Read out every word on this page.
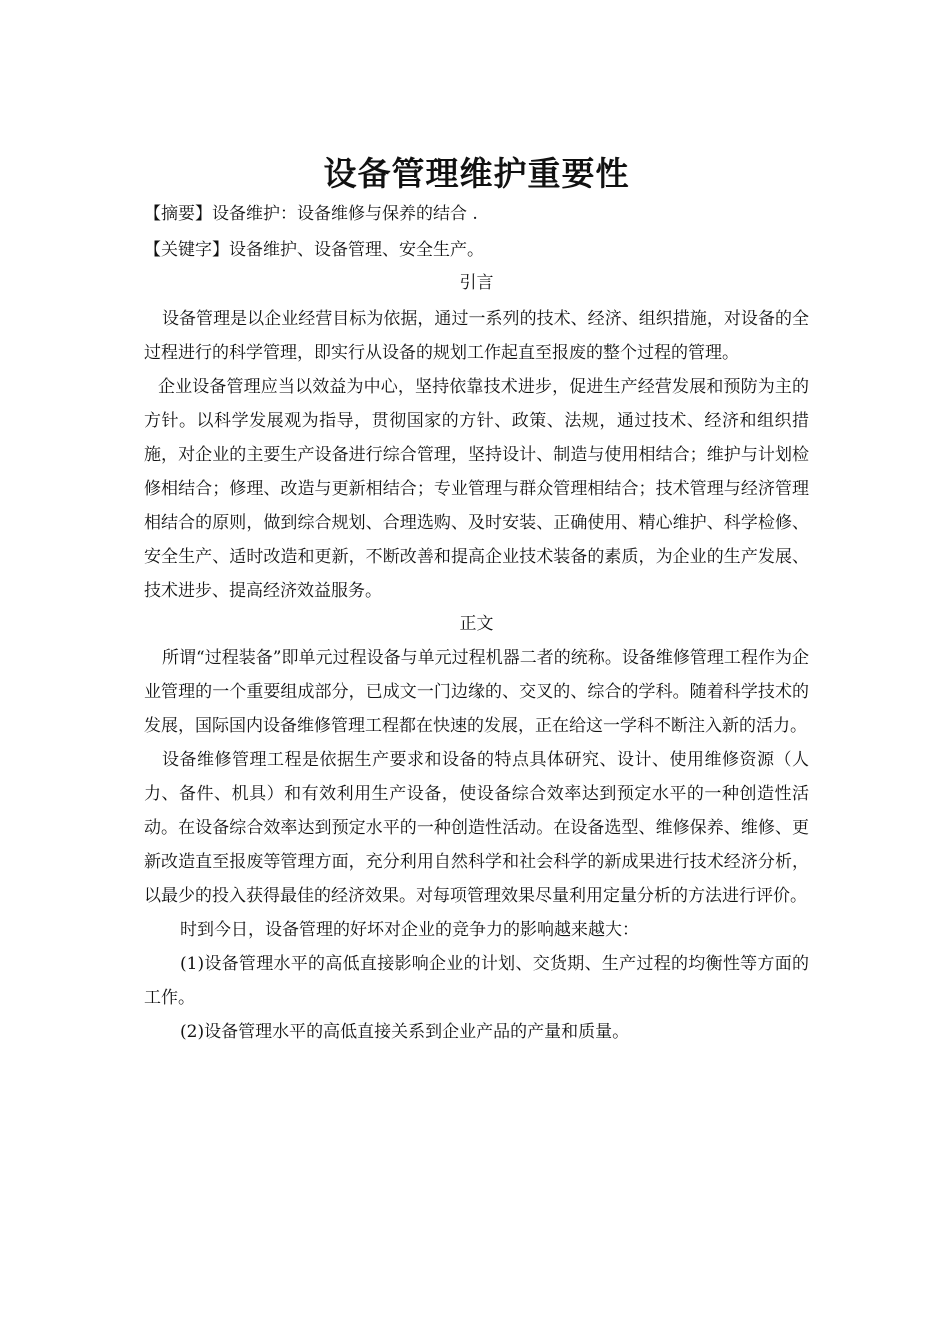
设备管理维护重要性
【摘要】设备维护：设备维修与保养的结合 .
【关键字】设备维护、设备管理、安全生产。
引言

设备管理是以企业经营目标为依据，通过一系列的技术、经济、组织措施，对设备的全过程进行的科学管理，即实行从设备的规划工作起直至报废的整个过程的管理。

企业设备管理应当以效益为中心，坚持依靠技术进步，促进生产经营发展和预防为主的方针。以科学发展观为指导，贯彻国家的方针、政策、法规，通过技术、经济和组织措施，对企业的主要生产设备进行综合管理，坚持设计、制造与使用相结合；维护与计划检修相结合；修理、改造与更新相结合；专业管理与群众管理相结合；技术管理与经济管理相结合的原则，做到综合规划、合理选购、及时安装、正确使用、精心维护、科学检修、安全生产、适时改造和更新，不断改善和提高企业技术装备的素质，为企业的生产发展、技术进步、提高经济效益服务。

正文

所谓“过程装备”即单元过程设备与单元过程机器二者的统称。设备维修管理工程作为企业管理的一个重要组成部分，已成文一门边缘的、交叉的、综合的学科。随着科学技术的发展，国际国内设备维修管理工程都在快速的发展，正在给这一学科不断注入新的活力。

设备维修管理工程是依据生产要求和设备的特点具体研究、设计、使用维修资源（人力、备件、机具）和有效利用生产设备，使设备综合效率达到预定水平的一种创造性活动。在设备综合效率达到预定水平的一种创造性活动。在设备选型、维修保养、维修、更新改造直至报废等管理方面，充分利用自然科学和社会科学的新成果进行技术经济分析，以最少的投入获得最佳的经济效果。对每项管理效果尽量利用定量分析的方法进行评价。

时到今日，设备管理的好坏对企业的竞争力的影响越来越大：

(1)设备管理水平的高低直接影响企业的计划、交货期、生产过程的均衡性等方面的工作。

(2)设备管理水平的高低直接关系到企业产品的产量和质量。
